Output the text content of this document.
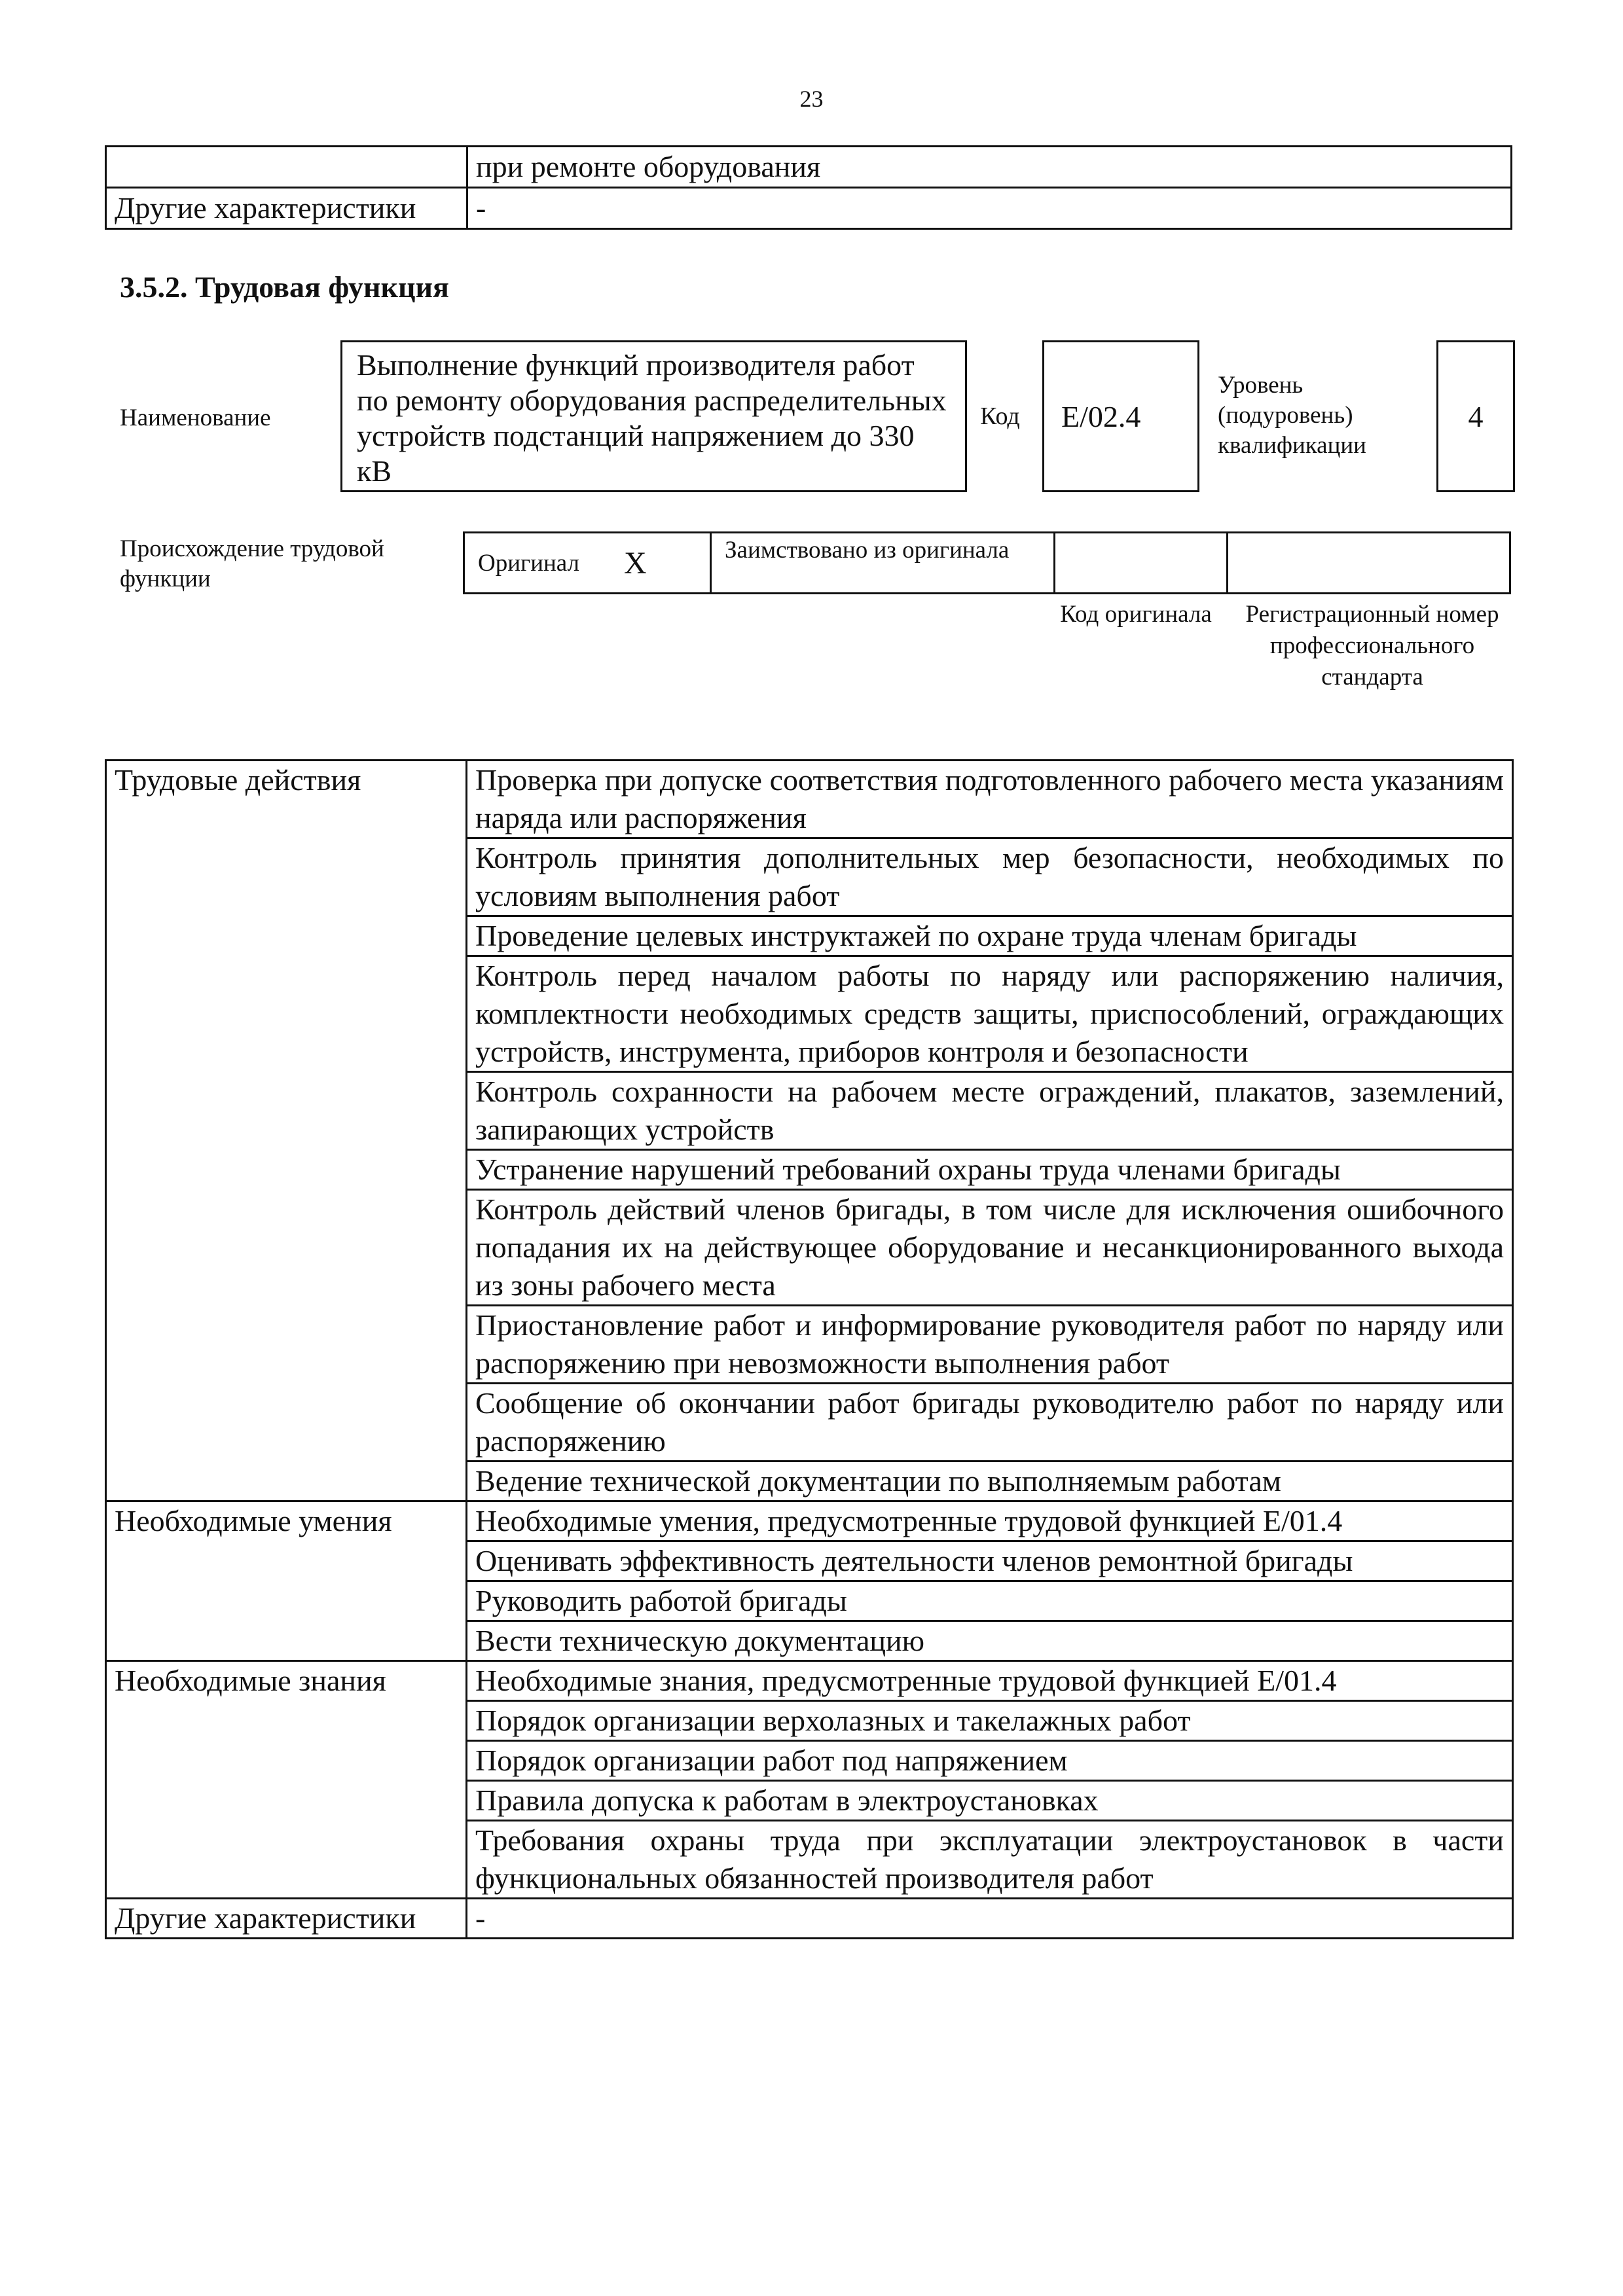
23
	при ремонте оборудования
Другие характеристики	-
3.5.2. Трудовая функция
Наименование
Выполнение функций производителя работ по ремонту оборудования распределительных устройств подстанций напряжением до 330 кВ
Код	E/02.4
Уровень (подуровень) квалификации
4
Происхождение трудовой функции
Оригинал X	Заимствовано из оригинала
Код оригинала	Регистрационный номер профессионального стандарта
Трудовые действия	Проверка при допуске соответствия подготовленного рабочего места указаниям наряда или распоряжения
	Контроль принятия дополнительных мер безопасности, необходимых по условиям выполнения работ
	Проведение целевых инструктажей по охране труда членам бригады
	Контроль перед началом работы по наряду или распоряжению наличия, комплектности необходимых средств защиты, приспособлений, ограждающих устройств, инструмента, приборов контроля и безопасности
	Контроль сохранности на рабочем месте ограждений, плакатов, заземлений, запирающих устройств
	Устранение нарушений требований охраны труда членами бригады
	Контроль действий членов бригады, в том числе для исключения ошибочного попадания их на действующее оборудование и несанкционированного выхода из зоны рабочего места
	Приостановление работ и информирование руководителя работ по наряду или распоряжению при невозможности выполнения работ
	Сообщение об окончании работ бригады руководителю работ по наряду или распоряжению
	Ведение технической документации по выполняемым работам
Необходимые умения	Необходимые умения, предусмотренные трудовой функцией E/01.4
	Оценивать эффективность деятельности членов ремонтной бригады
	Руководить работой бригады
	Вести техническую документацию
Необходимые знания	Необходимые знания, предусмотренные трудовой функцией E/01.4
	Порядок организации верхолазных и такелажных работ
	Порядок организации работ под напряжением
	Правила допуска к работам в электроустановках
	Требования охраны труда при эксплуатации электроустановок в части функциональных обязанностей производителя работ
Другие характеристики	-
